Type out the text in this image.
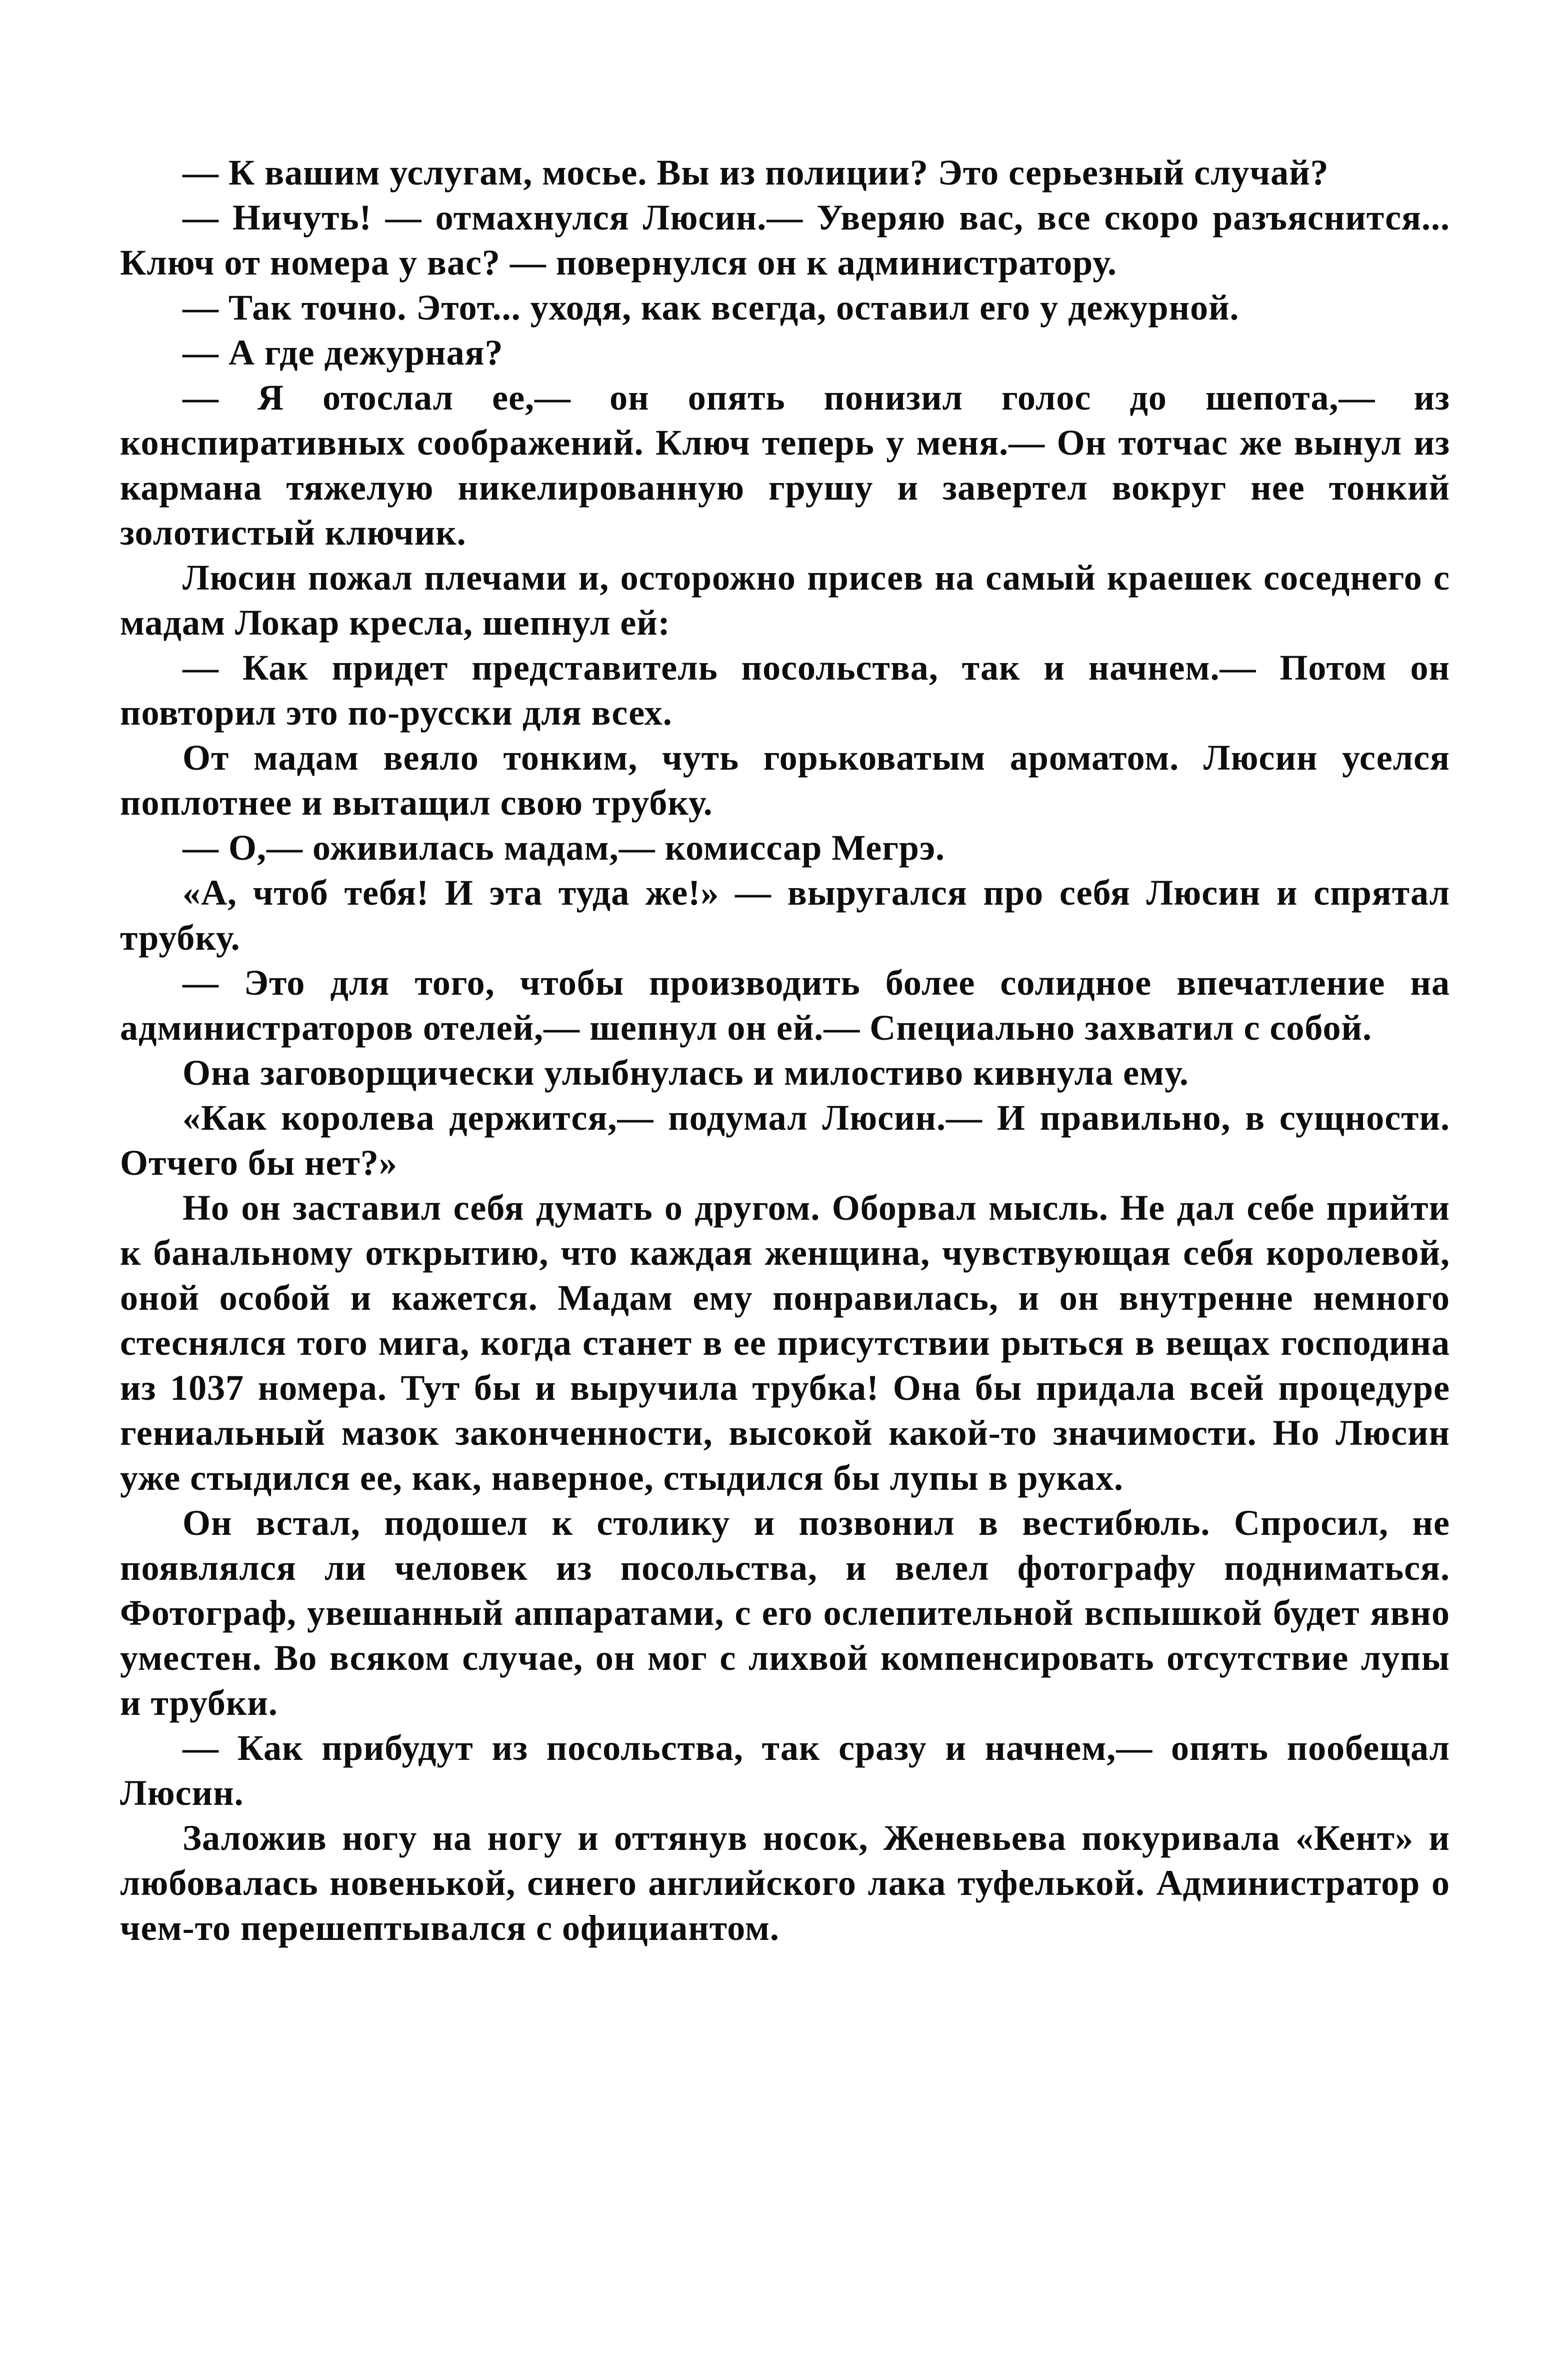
— К вашим услугам, мосье. Вы из полиции? Это серьезный случай?

— Ничуть! — отмахнулся Люсин.— Уверяю вас, все скоро разъяснится... Ключ от номера у вас? — повернулся он к администратору.

— Так точно. Этот... уходя, как всегда, оставил его у дежурной.

— А где дежурная?

— Я отослал ее,— он опять понизил голос до шепота,— из конспиративных соображений. Ключ теперь у меня.— Он тотчас же вынул из кармана тяжелую никелированную грушу и завертел вокруг нее тонкий золотистый ключик.

Люсин пожал плечами и, осторожно присев на самый краешек соседнего с мадам Локар кресла, шепнул ей:

— Как придет представитель посольства, так и начнем.— Потом он повторил это по-русски для всех.

От мадам веяло тонким, чуть горьковатым ароматом. Люсин уселся поплотнее и вытащил свою трубку.

— О,— оживилась мадам,— комиссар Мегрэ.

«А, чтоб тебя! И эта туда же!» — выругался про себя Люсин и спрятал трубку.

— Это для того, чтобы производить более солидное впечатление на администраторов отелей,— шепнул он ей.— Специально захватил с собой.

Она заговорщически улыбнулась и милостиво кивнула ему.

«Как королева держится,— подумал Люсин.— И правильно, в сущности. Отчего бы нет?»

Но он заставил себя думать о другом. Оборвал мысль. Не дал себе прийти к банальному открытию, что каждая женщина, чувствующая себя королевой, оной особой и кажется. Мадам ему понравилась, и он внутренне немного стеснялся того мига, когда станет в ее присутствии рыться в вещах господина из 1037 номера. Тут бы и выручила трубка! Она бы придала всей процедуре гениальный мазок законченности, высокой какой-то значимости. Но Люсин уже стыдился ее, как, наверное, стыдился бы лупы в руках.

Он встал, подошел к столику и позвонил в вестибюль. Спросил, не появлялся ли человек из посольства, и велел фотографу подниматься. Фотограф, увешанный аппаратами, с его ослепительной вспышкой будет явно уместен. Во всяком случае, он мог с лихвой компенсировать отсутствие лупы и трубки.

— Как прибудут из посольства, так сразу и начнем,— опять пообещал Люсин.

Заложив ногу на ногу и оттянув носок, Женевьева покуривала «Кент» и любовалась новенькой, синего английского лака туфелькой. Администратор о чем-то перешептывался с официантом.
